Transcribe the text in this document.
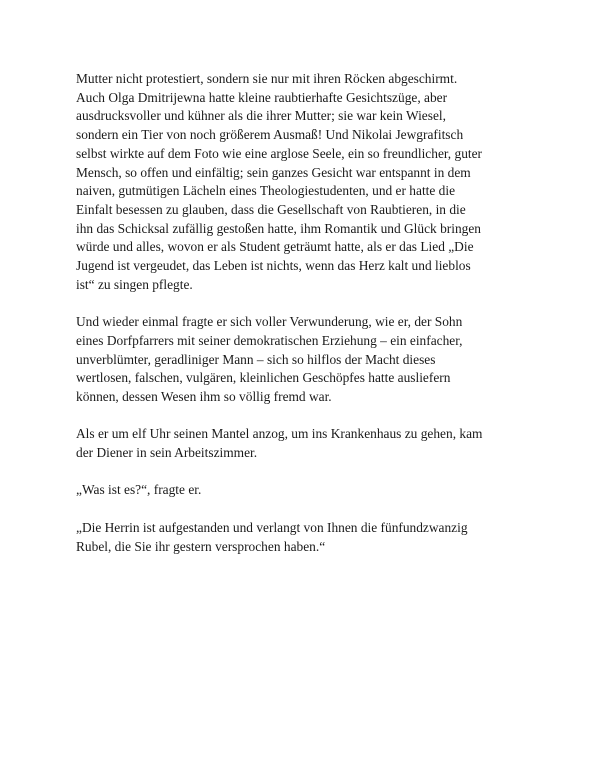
Mutter nicht protestiert, sondern sie nur mit ihren Röcken abgeschirmt.
Auch Olga Dmitrijewna hatte kleine raubtierhafte Gesichtszüge, aber
ausdrucksvoller und kühner als die ihrer Mutter; sie war kein Wiesel,
sondern ein Tier von noch größerem Ausmaß! Und Nikolai Jewgrafitsch
selbst wirkte auf dem Foto wie eine arglose Seele, ein so freundlicher, guter
Mensch, so offen und einfältig; sein ganzes Gesicht war entspannt in dem
naiven, gutmütigen Lächeln eines Theologiestudenten, und er hatte die
Einfalt besessen zu glauben, dass die Gesellschaft von Raubtieren, in die
ihn das Schicksal zufällig gestoßen hatte, ihm Romantik und Glück bringen
würde und alles, wovon er als Student geträumt hatte, als er das Lied „Die
Jugend ist vergeudet, das Leben ist nichts, wenn das Herz kalt und lieblos
ist“ zu singen pflegte.

Und wieder einmal fragte er sich voller Verwunderung, wie er, der Sohn
eines Dorfpfarrers mit seiner demokratischen Erziehung – ein einfacher,
unverblümter, geradliniger Mann – sich so hilflos der Macht dieses
wertlosen, falschen, vulgären, kleinlichen Geschöpfes hatte ausliefern
können, dessen Wesen ihm so völlig fremd war.

Als er um elf Uhr seinen Mantel anzog, um ins Krankenhaus zu gehen, kam
der Diener in sein Arbeitszimmer.

„Was ist es?“, fragte er.

„Die Herrin ist aufgestanden und verlangt von Ihnen die fünfundzwanzig
Rubel, die Sie ihr gestern versprochen haben.“
